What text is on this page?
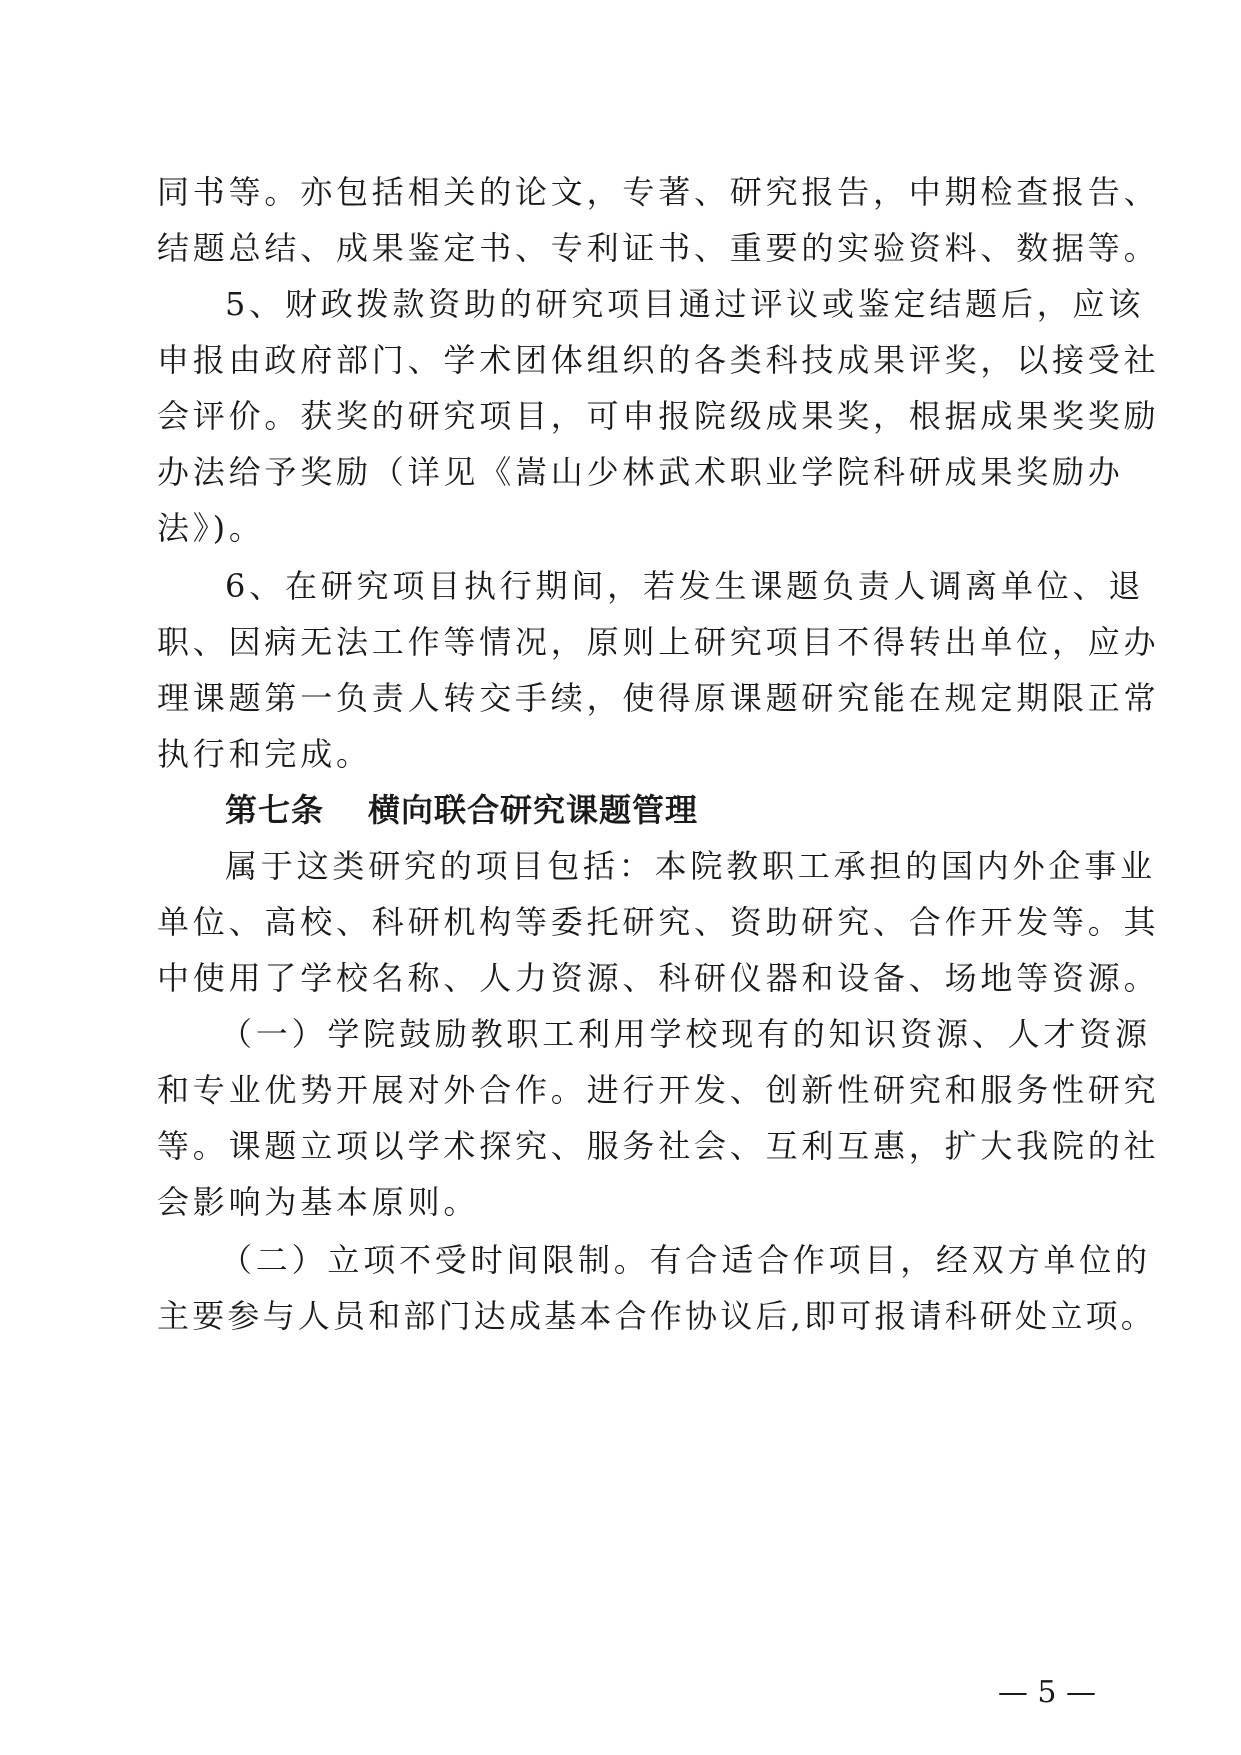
同书等。亦包括相关的论文，专著、研究报告，中期检查报告、
结题总结、成果鉴定书、专利证书、重要的实验资料、数据等。
5、财政拨款资助的研究项目通过评议或鉴定结题后，应该
申报由政府部门、学术团体组织的各类科技成果评奖，以接受社
会评价。获奖的研究项目，可申报院级成果奖，根据成果奖奖励
办法给予奖励（详见《嵩山少林武术职业学院科研成果奖励办
法》)。
6、在研究项目执行期间，若发生课题负责人调离单位、退
职、因病无法工作等情况，原则上研究项目不得转出单位，应办
理课题第一负责人转交手续，使得原课题研究能在规定期限正常
执行和完成。
第七条 横向联合研究课题管理
属于这类研究的项目包括：本院教职工承担的国内外企事业
单位、高校、科研机构等委托研究、资助研究、合作开发等。其
中使用了学校名称、人力资源、科研仪器和设备、场地等资源。
（一）学院鼓励教职工利用学校现有的知识资源、人才资源
和专业优势开展对外合作。进行开发、创新性研究和服务性研究
等。课题立项以学术探究、服务社会、互利互惠，扩大我院的社
会影响为基本原则。
（二）立项不受时间限制。有合适合作项目，经双方单位的
主要参与人员和部门达成基本合作协议后,即可报请科研处立项。
— 5 —
